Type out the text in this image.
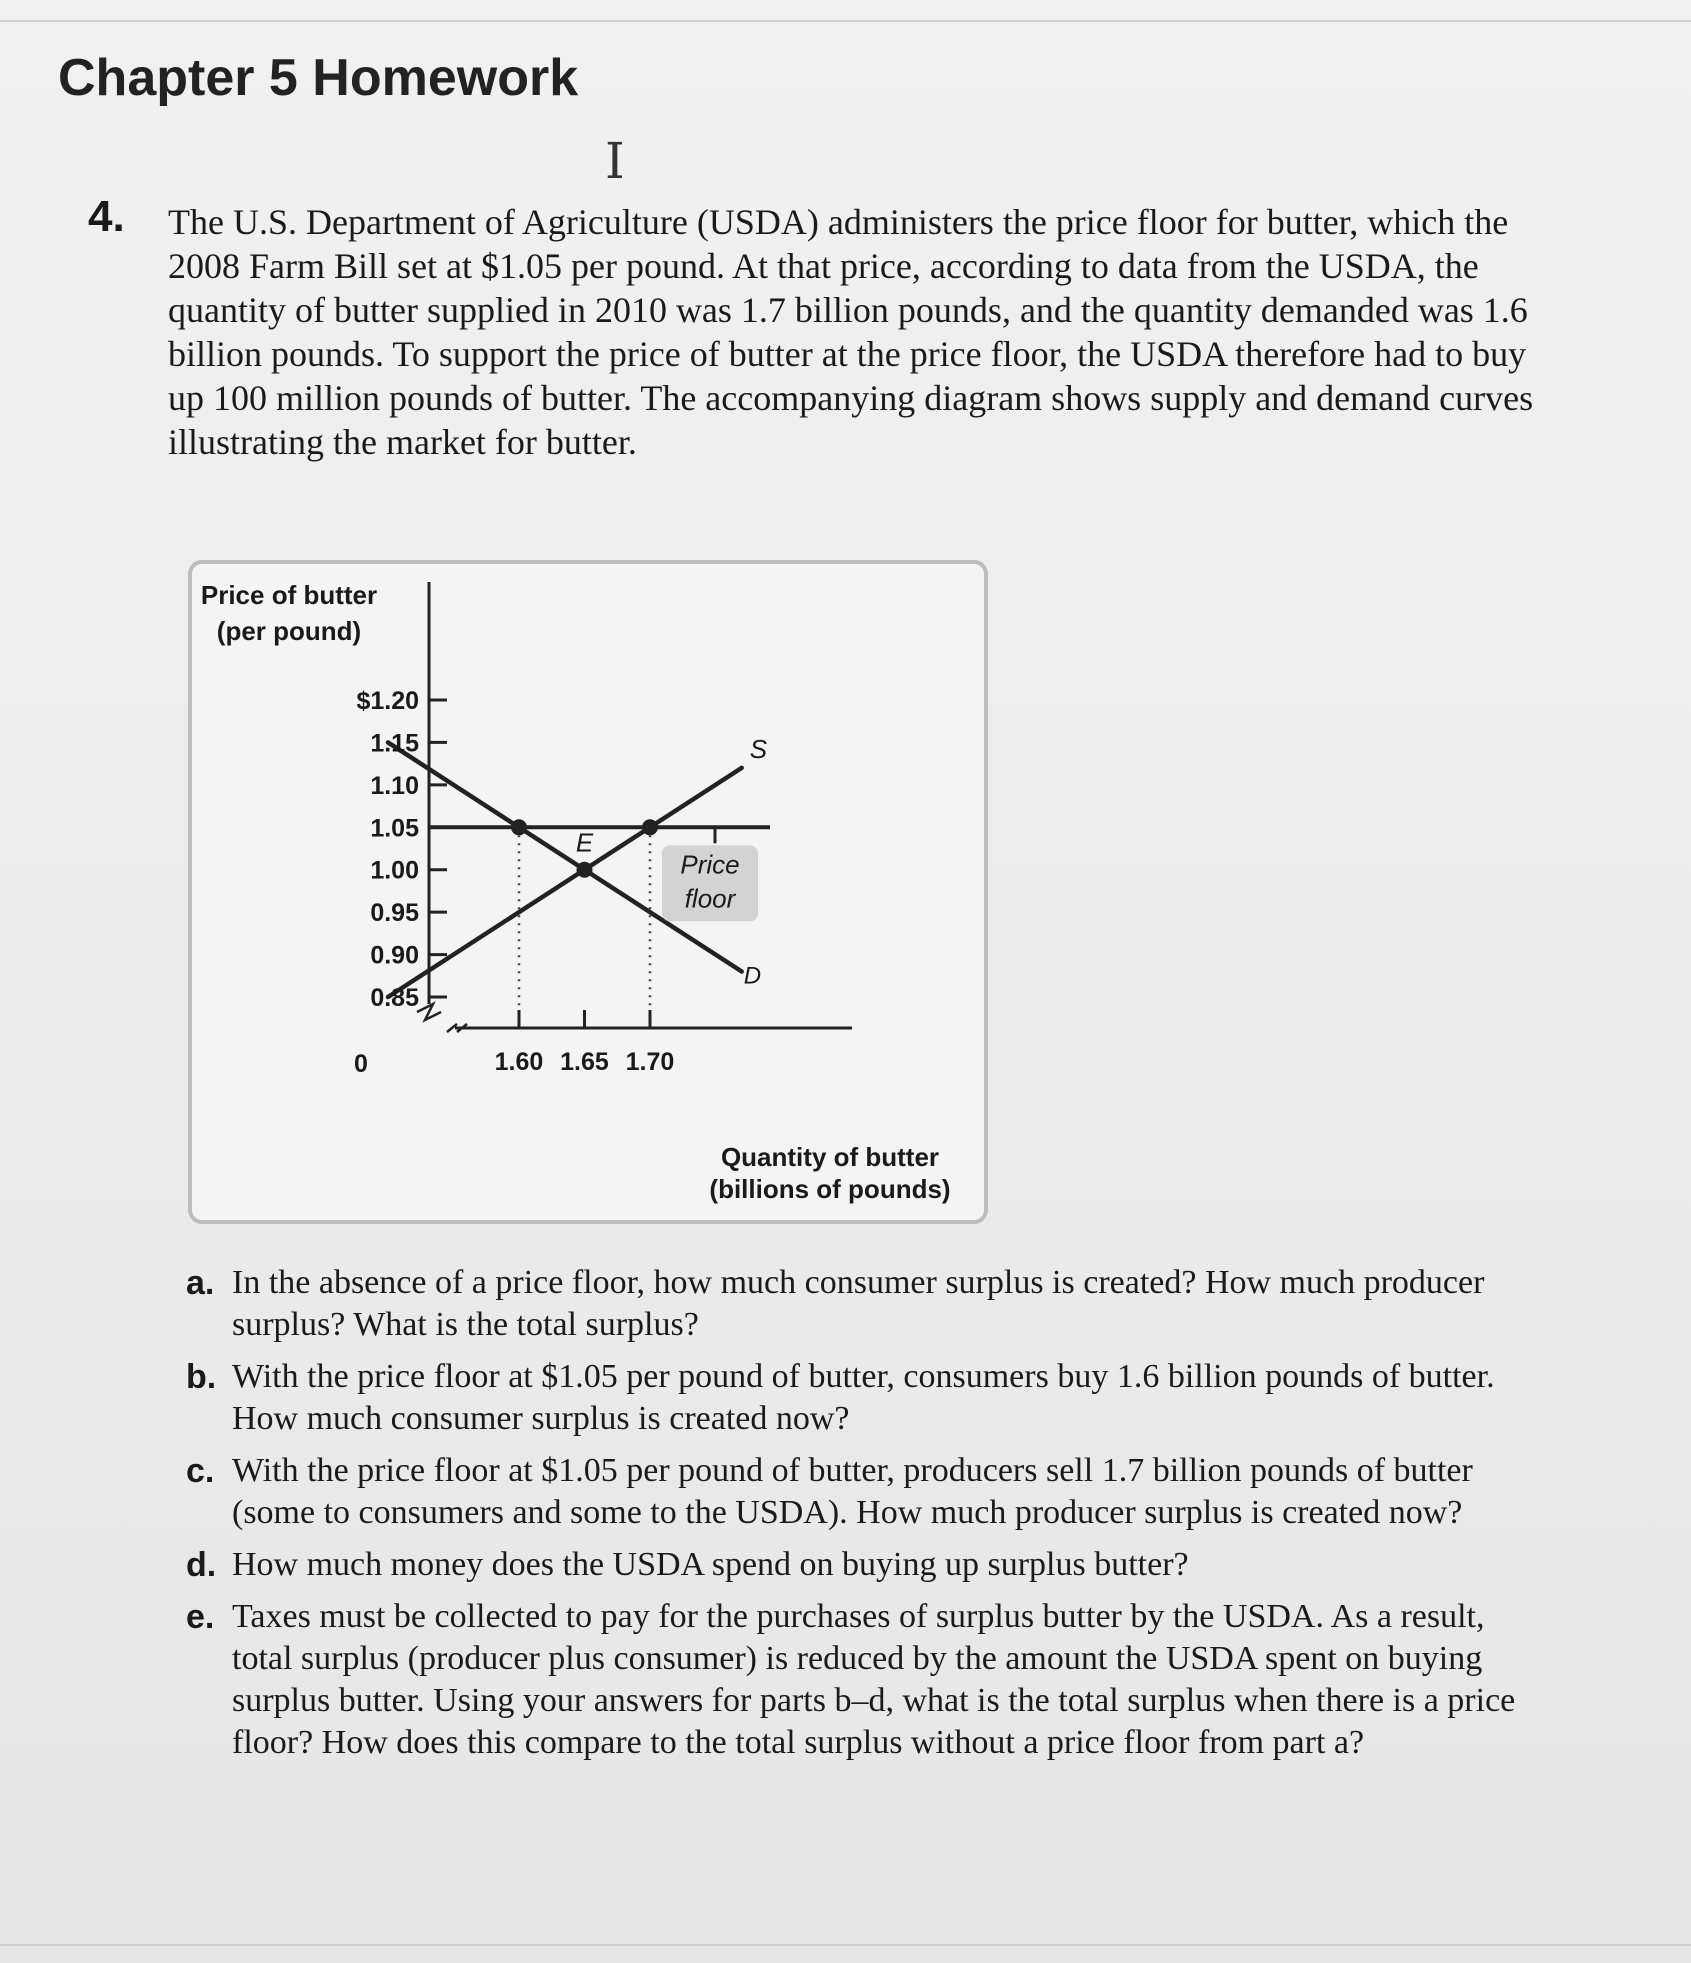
Chapter 5 Homework
I
4. The U.S. Department of Agriculture (USDA) administers the price floor for butter, which the 2008 Farm Bill set at $1.05 per pound. At that price, according to data from the USDA, the quantity of butter supplied in 2010 was 1.7 billion pounds, and the quantity demanded was 1.6 billion pounds. To support the price of butter at the price floor, the USDA therefore had to buy up 100 million pounds of butter. The accompanying diagram shows supply and demand curves illustrating the market for butter.
Price of butter
(per pound)
Quantity of butter
(billions of pounds)
$1.20
1.15
1.10
1.05
1.00
0.95
0.90
0.85
0	1.60 1.65 1.70
S
D
E
Price
floor
a. In the absence of a price floor, how much consumer surplus is created? How much producer surplus? What is the total surplus?
b. With the price floor at $1.05 per pound of butter, consumers buy 1.6 billion pounds of butter. How much consumer surplus is created now?
c. With the price floor at $1.05 per pound of butter, producers sell 1.7 billion pounds of butter (some to consumers and some to the USDA). How much producer surplus is created now?
d. How much money does the USDA spend on buying up surplus butter?
e. Taxes must be collected to pay for the purchases of surplus butter by the USDA. As a result, total surplus (producer plus consumer) is reduced by the amount the USDA spent on buying surplus butter. Using your answers for parts b–d, what is the total surplus when there is a price floor? How does this compare to the total surplus without a price floor from part a?
